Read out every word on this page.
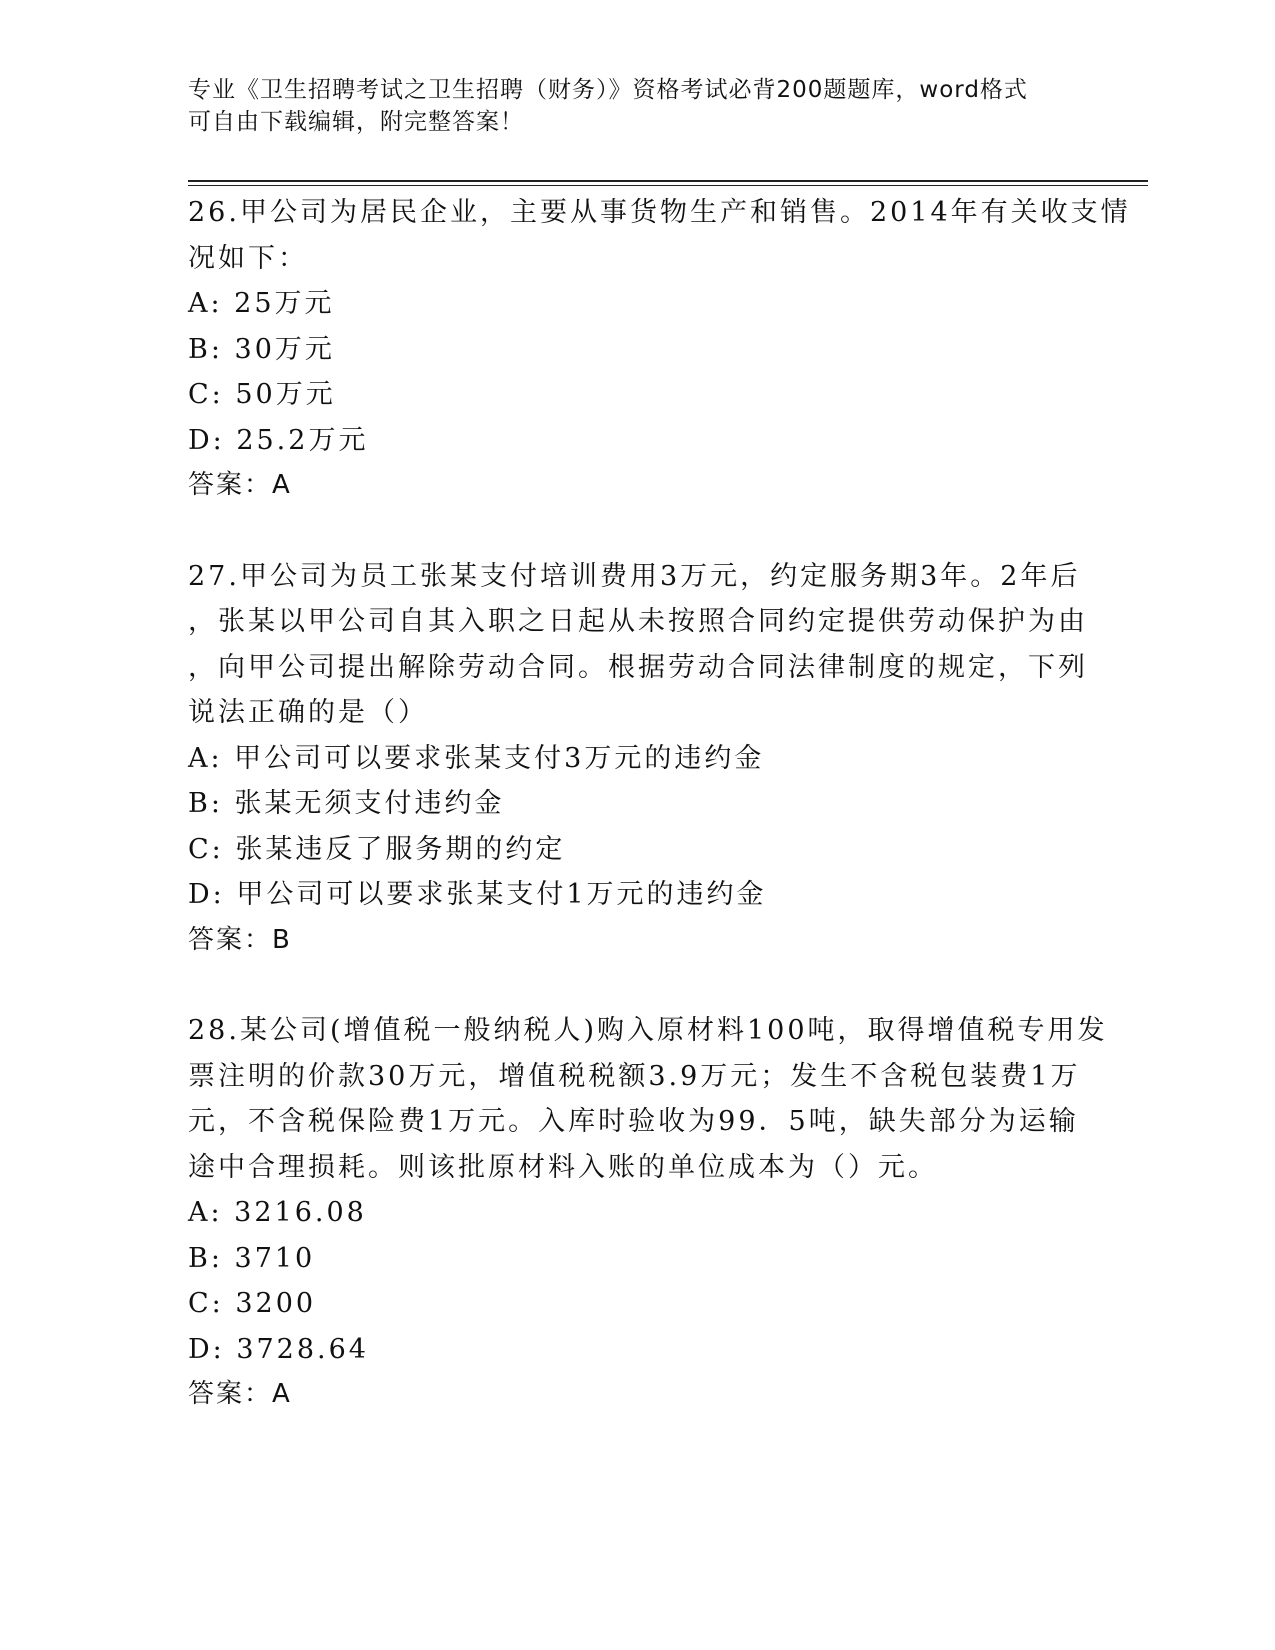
专业《卫生招聘考试之卫生招聘（财务）》资格考试必背200题题库，word格式
可自由下载编辑，附完整答案！

26.甲公司为居民企业，主要从事货物生产和销售。2014年有关收支情

况如下：

A: 25万元

B: 30万元

C: 50万元

D: 25.2万元

答案：A

27.甲公司为员工张某支付培训费用3万元，约定服务期3年。2年后

，张某以甲公司自其入职之日起从未按照合同约定提供劳动保护为由

，向甲公司提出解除劳动合同。根据劳动合同法律制度的规定，下列

说法正确的是（）

A: 甲公司可以要求张某支付3万元的违约金

B: 张某无须支付违约金

C: 张某违反了服务期的约定

D: 甲公司可以要求张某支付1万元的违约金

答案：B

28.某公司(增值税一般纳税人)购入原材料100吨，取得增值税专用发

票注明的价款30万元，增值税税额3.9万元；发生不含税包装费1万

元，不含税保险费1万元。入库时验收为99．5吨，缺失部分为运输

途中合理损耗。则该批原材料入账的单位成本为（）元。

A: 3216.08

B: 3710

C: 3200

D: 3728.64

答案：A
